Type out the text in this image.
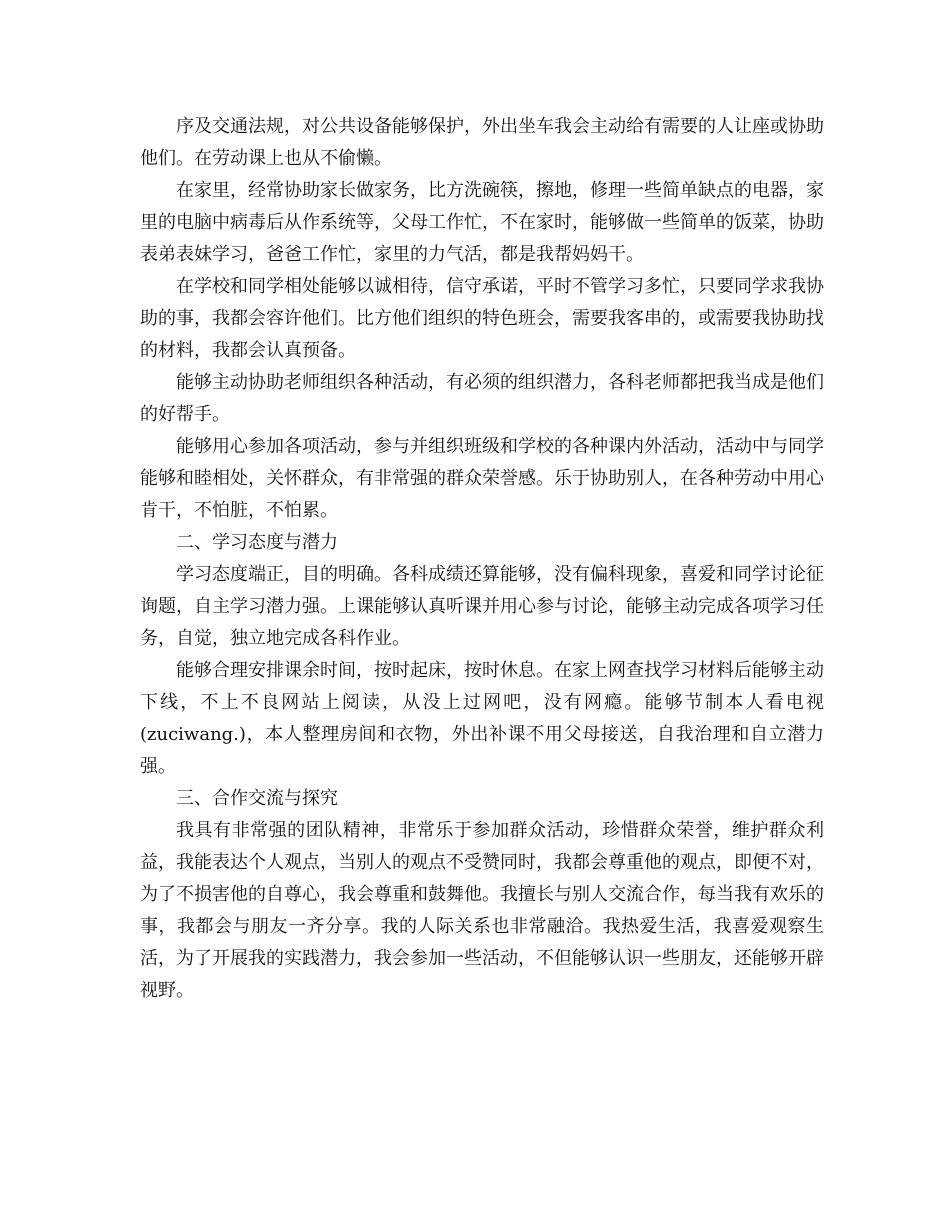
序及交通法规，对公共设备能够保护，外出坐车我会主动给有需要的人让座或协助他们。在劳动课上也从不偷懒。

在家里，经常协助家长做家务，比方洗碗筷，擦地，修理一些简单缺点的电器，家里的电脑中病毒后从作系统等，父母工作忙，不在家时，能够做一些简单的饭菜，协助表弟表妹学习，爸爸工作忙，家里的力气活，都是我帮妈妈干。

在学校和同学相处能够以诚相待，信守承诺，平时不管学习多忙，只要同学求我协助的事，我都会容许他们。比方他们组织的特色班会，需要我客串的，或需要我协助找的材料，我都会认真预备。

能够主动协助老师组织各种活动，有必须的组织潜力，各科老师都把我当成是他们的好帮手。

能够用心参加各项活动，参与并组织班级和学校的各种课内外活动，活动中与同学能够和睦相处，关怀群众，有非常强的群众荣誉感。乐于协助别人，在各种劳动中用心肯干，不怕脏，不怕累。

二、学习态度与潜力

学习态度端正，目的明确。各科成绩还算能够，没有偏科现象，喜爱和同学讨论征询题，自主学习潜力强。上课能够认真听课并用心参与讨论，能够主动完成各项学习任务，自觉，独立地完成各科作业。

能够合理安排课余时间，按时起床，按时休息。在家上网查找学习材料后能够主动下线，不上不良网站上阅读，从没上过网吧，没有网瘾。能够节制本人看电视(zuciwang.)，本人整理房间和衣物，外出补课不用父母接送，自我治理和自立潜力强。

三、合作交流与探究

我具有非常强的团队精神，非常乐于参加群众活动，珍惜群众荣誉，维护群众利益，我能表达个人观点，当别人的观点不受赞同时，我都会尊重他的观点，即便不对，为了不损害他的自尊心，我会尊重和鼓舞他。我擅长与别人交流合作，每当我有欢乐的事，我都会与朋友一齐分享。我的人际关系也非常融洽。我热爱生活，我喜爱观察生活，为了开展我的实践潜力，我会参加一些活动，不但能够认识一些朋友，还能够开辟视野。
